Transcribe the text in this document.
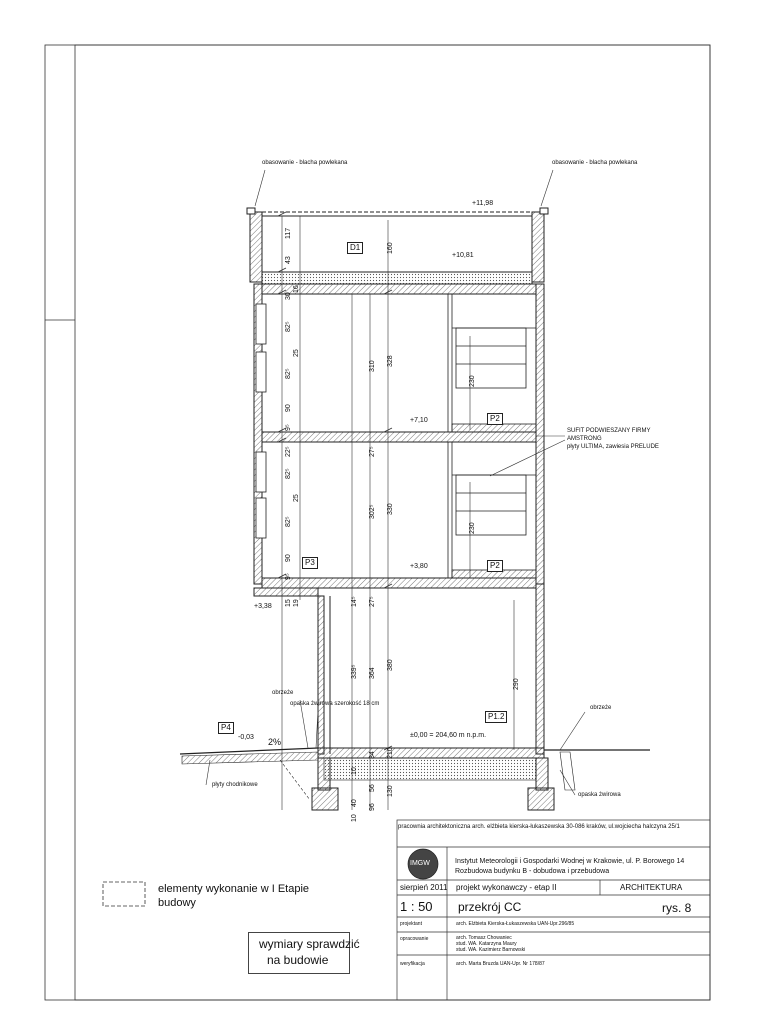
obasowanie - blacha powlekana	obasowanie - blacha powlekana
+11,98
+10,81
+7,10
+3,80
+3,38
±0,00 = 204,60 m n.p.m.
-0,03
D1
P2
P2
P3
P4
P1.2
SUFIT PODWIESZANY FIRMY
AMSTRONG
płyty ULTIMA, zawiesia PRELUDE
obrzeże
opaska żwirowa szerokość 18 cm
obrzeże
opaska żwirowa
płyty chodnikowe
2%
117
43
160
30
16
82⁵
25
82⁵
90
9⁵
310 328
230
22⁵
82⁵
25
82⁵
90
9⁵
27⁵
302⁵ 330
230
15 19	14⁵ 27⁵
339⁵ 364
380
290
10
40
56
10
34
96
130
210
pracownia architektoniczna arch. elżbieta kierska-łukaszewska 30-086 kraków, ul.wojciecha halczyna 25/1
IMGW	Instytut Meteorologii i Gospodarki Wodnej w Krakowie, ul. P. Borowego 14
Rozbudowa budynku B - dobudowa i przebudowa
sierpień 2011 projekt wykonawczy - etap II	ARCHITEKTURA
1 : 50 przekrój CC	rys. 8
projektant	arch. Elżbieta Kierska-Łukaszewska UAN-Upr.296/85
opracowanie	arch. Tomasz Chowaniec
stud. WA. Katarzyna Maury
stud. WA. Kazimierz Barnowski
weryfikacja	arch. Marta Bruzda UAN-Upr. Nr 178/87
elementy wykonanie w I Etapie
budowy
wymiary sprawdzić
na budowie
